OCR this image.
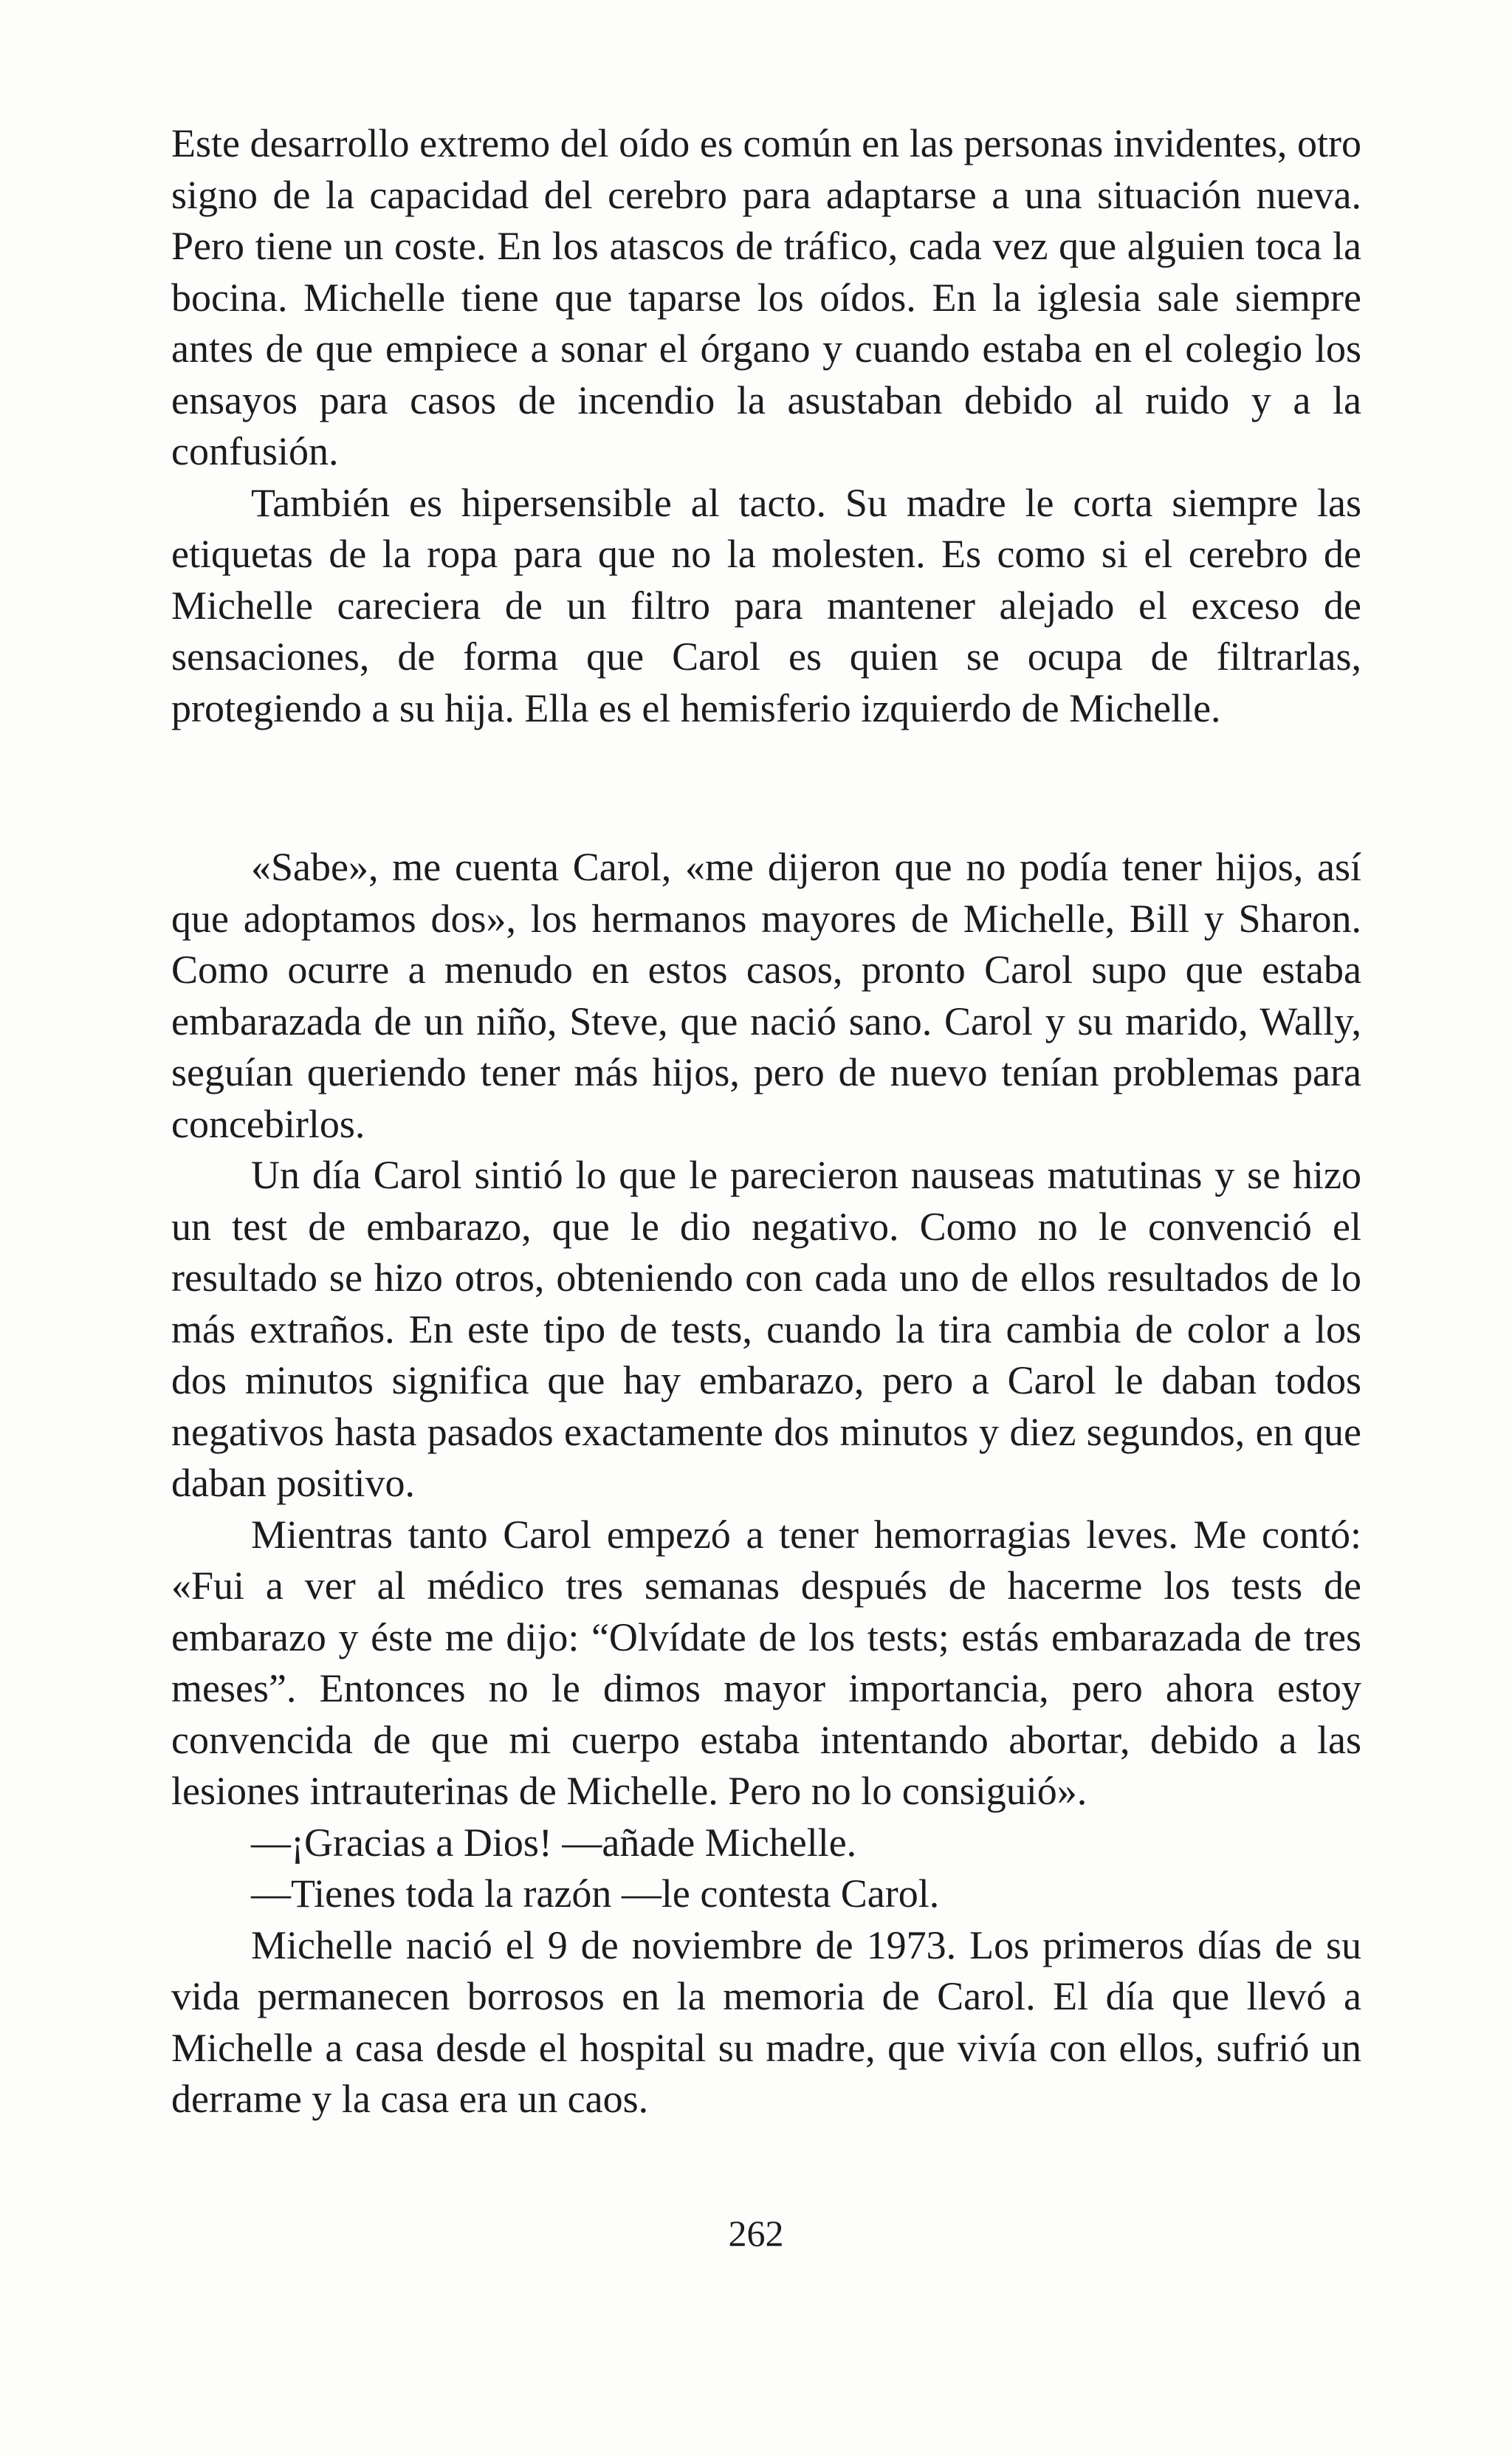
Este desarrollo extremo del oído es común en las personas invidentes, otro signo de la capacidad del cerebro para adaptarse a una situación nueva. Pero tiene un coste. En los atascos de tráfico, cada vez que alguien toca la bocina. Michelle tiene que taparse los oídos. En la iglesia sale siempre antes de que empiece a sonar el órgano y cuando estaba en el colegio los ensayos para casos de incendio la asustaban debido al ruido y a la confusión.

También es hipersensible al tacto. Su madre le corta siempre las etiquetas de la ropa para que no la molesten. Es como si el cerebro de Michelle careciera de un filtro para mantener alejado el exceso de sensaciones, de forma que Carol es quien se ocupa de filtrarlas, protegiendo a su hija. Ella es el hemisferio izquierdo de Michelle.

«Sabe», me cuenta Carol, «me dijeron que no podía tener hijos, así que adoptamos dos», los hermanos mayores de Michelle, Bill y Sharon. Como ocurre a menudo en estos casos, pronto Carol supo que estaba embarazada de un niño, Steve, que nació sano. Carol y su marido, Wally, seguían queriendo tener más hijos, pero de nuevo tenían problemas para concebirlos.

Un día Carol sintió lo que le parecieron nauseas matutinas y se hizo un test de embarazo, que le dio negativo. Como no le convenció el resultado se hizo otros, obteniendo con cada uno de ellos resultados de lo más extraños. En este tipo de tests, cuando la tira cambia de color a los dos minutos significa que hay embarazo, pero a Carol le daban todos negativos hasta pasados exactamente dos minutos y diez segundos, en que daban positivo.

Mientras tanto Carol empezó a tener hemorragias leves. Me contó: «Fui a ver al médico tres semanas después de hacerme los tests de embarazo y éste me dijo: “Olvídate de los tests; estás embarazada de tres meses”. Entonces no le dimos mayor importancia, pero ahora estoy convencida de que mi cuerpo estaba intentando abortar, debido a las lesiones intrauterinas de Michelle. Pero no lo consiguió».

—¡Gracias a Dios! —añade Michelle.

—Tienes toda la razón —le contesta Carol.

Michelle nació el 9 de noviembre de 1973. Los primeros días de su vida permanecen borrosos en la memoria de Carol. El día que llevó a Michelle a casa desde el hospital su madre, que vivía con ellos, sufrió un derrame y la casa era un caos.

262
